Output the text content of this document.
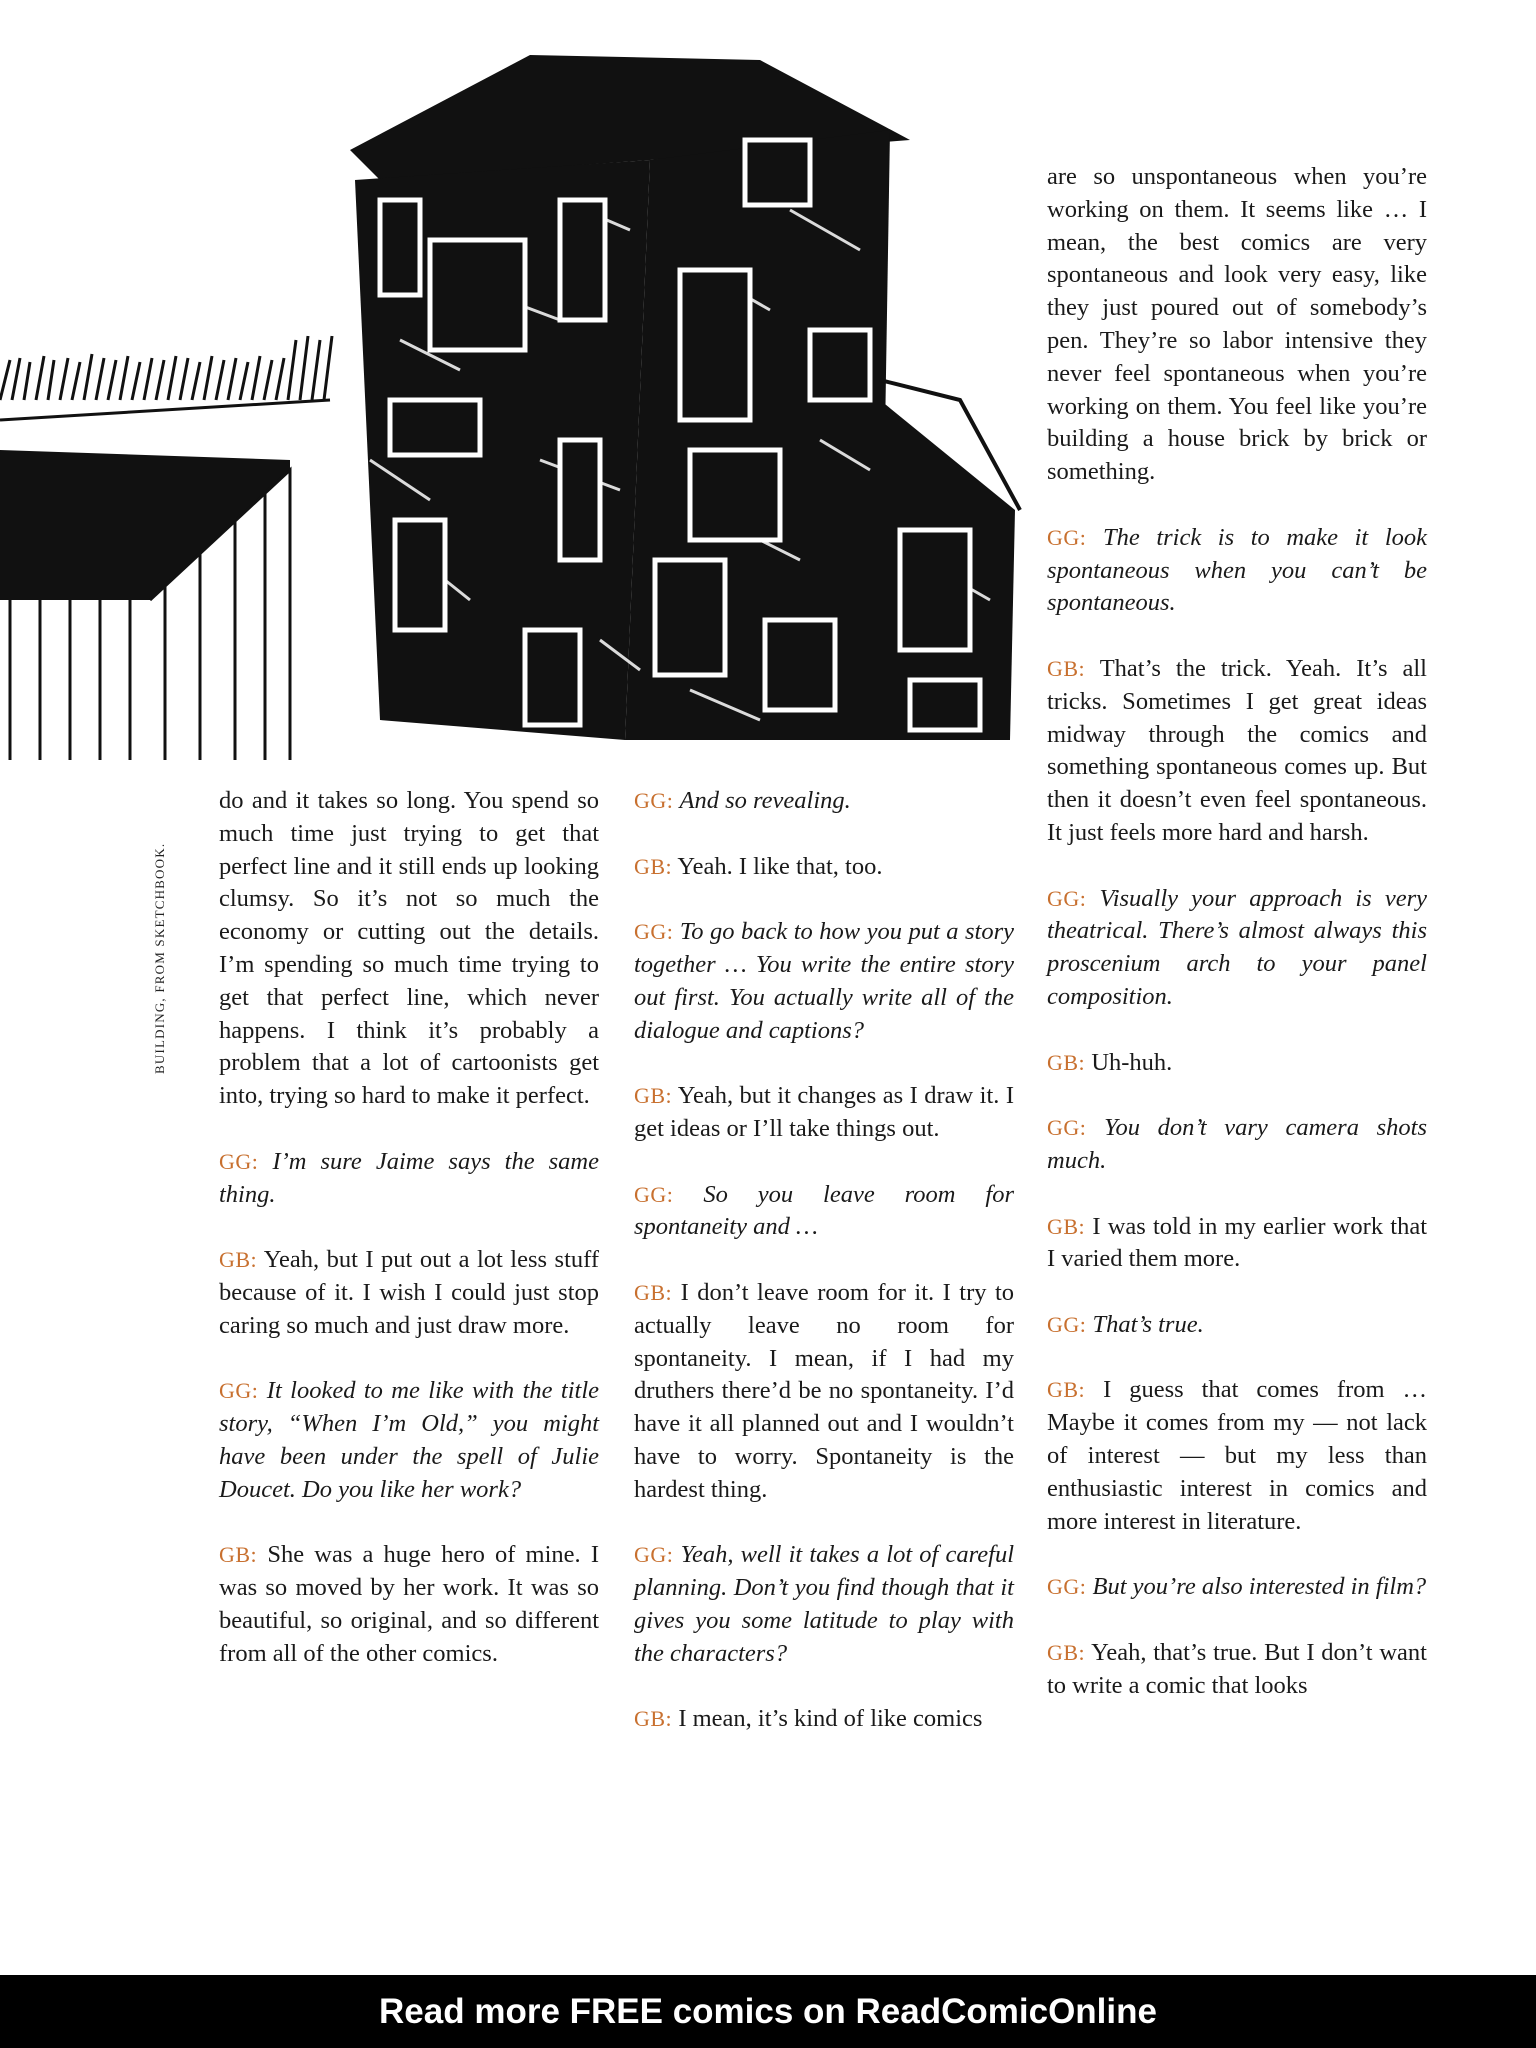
BUILDING, FROM SKETCHBOOK.

do and it takes so long. You spend so much time just trying to get that perfect line and it still ends up looking clumsy. So it’s not so much the economy or cutting out the details. I’m spending so much time trying to get that perfect line, which never happens. I think it’s probably a problem that a lot of cartoonists get into, trying so hard to make it perfect.

GG: I’m sure Jaime says the same thing.

GB: Yeah, but I put out a lot less stuff because of it. I wish I could just stop caring so much and just draw more.

GG: It looked to me like with the title story, “When I’m Old,” you might have been under the spell of Julie Doucet. Do you like her work?

GB: She was a huge hero of mine. I was so moved by her work. It was so beautiful, so original, and so different from all of the other comics.

GG: And so revealing.

GB: Yeah. I like that, too.

GG: To go back to how you put a story together … You write the entire story out first. You actually write all of the dialogue and captions?

GB: Yeah, but it changes as I draw it. I get ideas or I’ll take things out.

GG: So you leave room for spontaneity and …

GB: I don’t leave room for it. I try to actually leave no room for spontaneity. I mean, if I had my druthers there’d be no spontaneity. I’d have it all planned out and I wouldn’t have to worry. Spontaneity is the hardest thing.

GG: Yeah, well it takes a lot of careful planning. Don’t you find though that it gives you some latitude to play with the characters?

GB: I mean, it’s kind of like comics

are so unspontaneous when you’re working on them. It seems like … I mean, the best comics are very spontaneous and look very easy, like they just poured out of somebody’s pen. They’re so labor intensive they never feel spontaneous when you’re working on them. You feel like you’re building a house brick by brick or something.

GG: The trick is to make it look spontaneous when you can’t be spontaneous.

GB: That’s the trick. Yeah. It’s all tricks. Sometimes I get great ideas midway through the comics and something spontaneous comes up. But then it doesn’t even feel spontaneous. It just feels more hard and harsh.

GG: Visually your approach is very theatrical. There’s almost always this proscenium arch to your panel composition.

GB: Uh-huh.

GG: You don’t vary camera shots much.

GB: I was told in my earlier work that I varied them more.

GG: That’s true.

GB: I guess that comes from … Maybe it comes from my — not lack of interest — but my less than enthusiastic interest in comics and more interest in literature.

GG: But you’re also interested in film?

GB: Yeah, that’s true. But I don’t want to write a comic that looks

Read more FREE comics on ReadComicOnline
